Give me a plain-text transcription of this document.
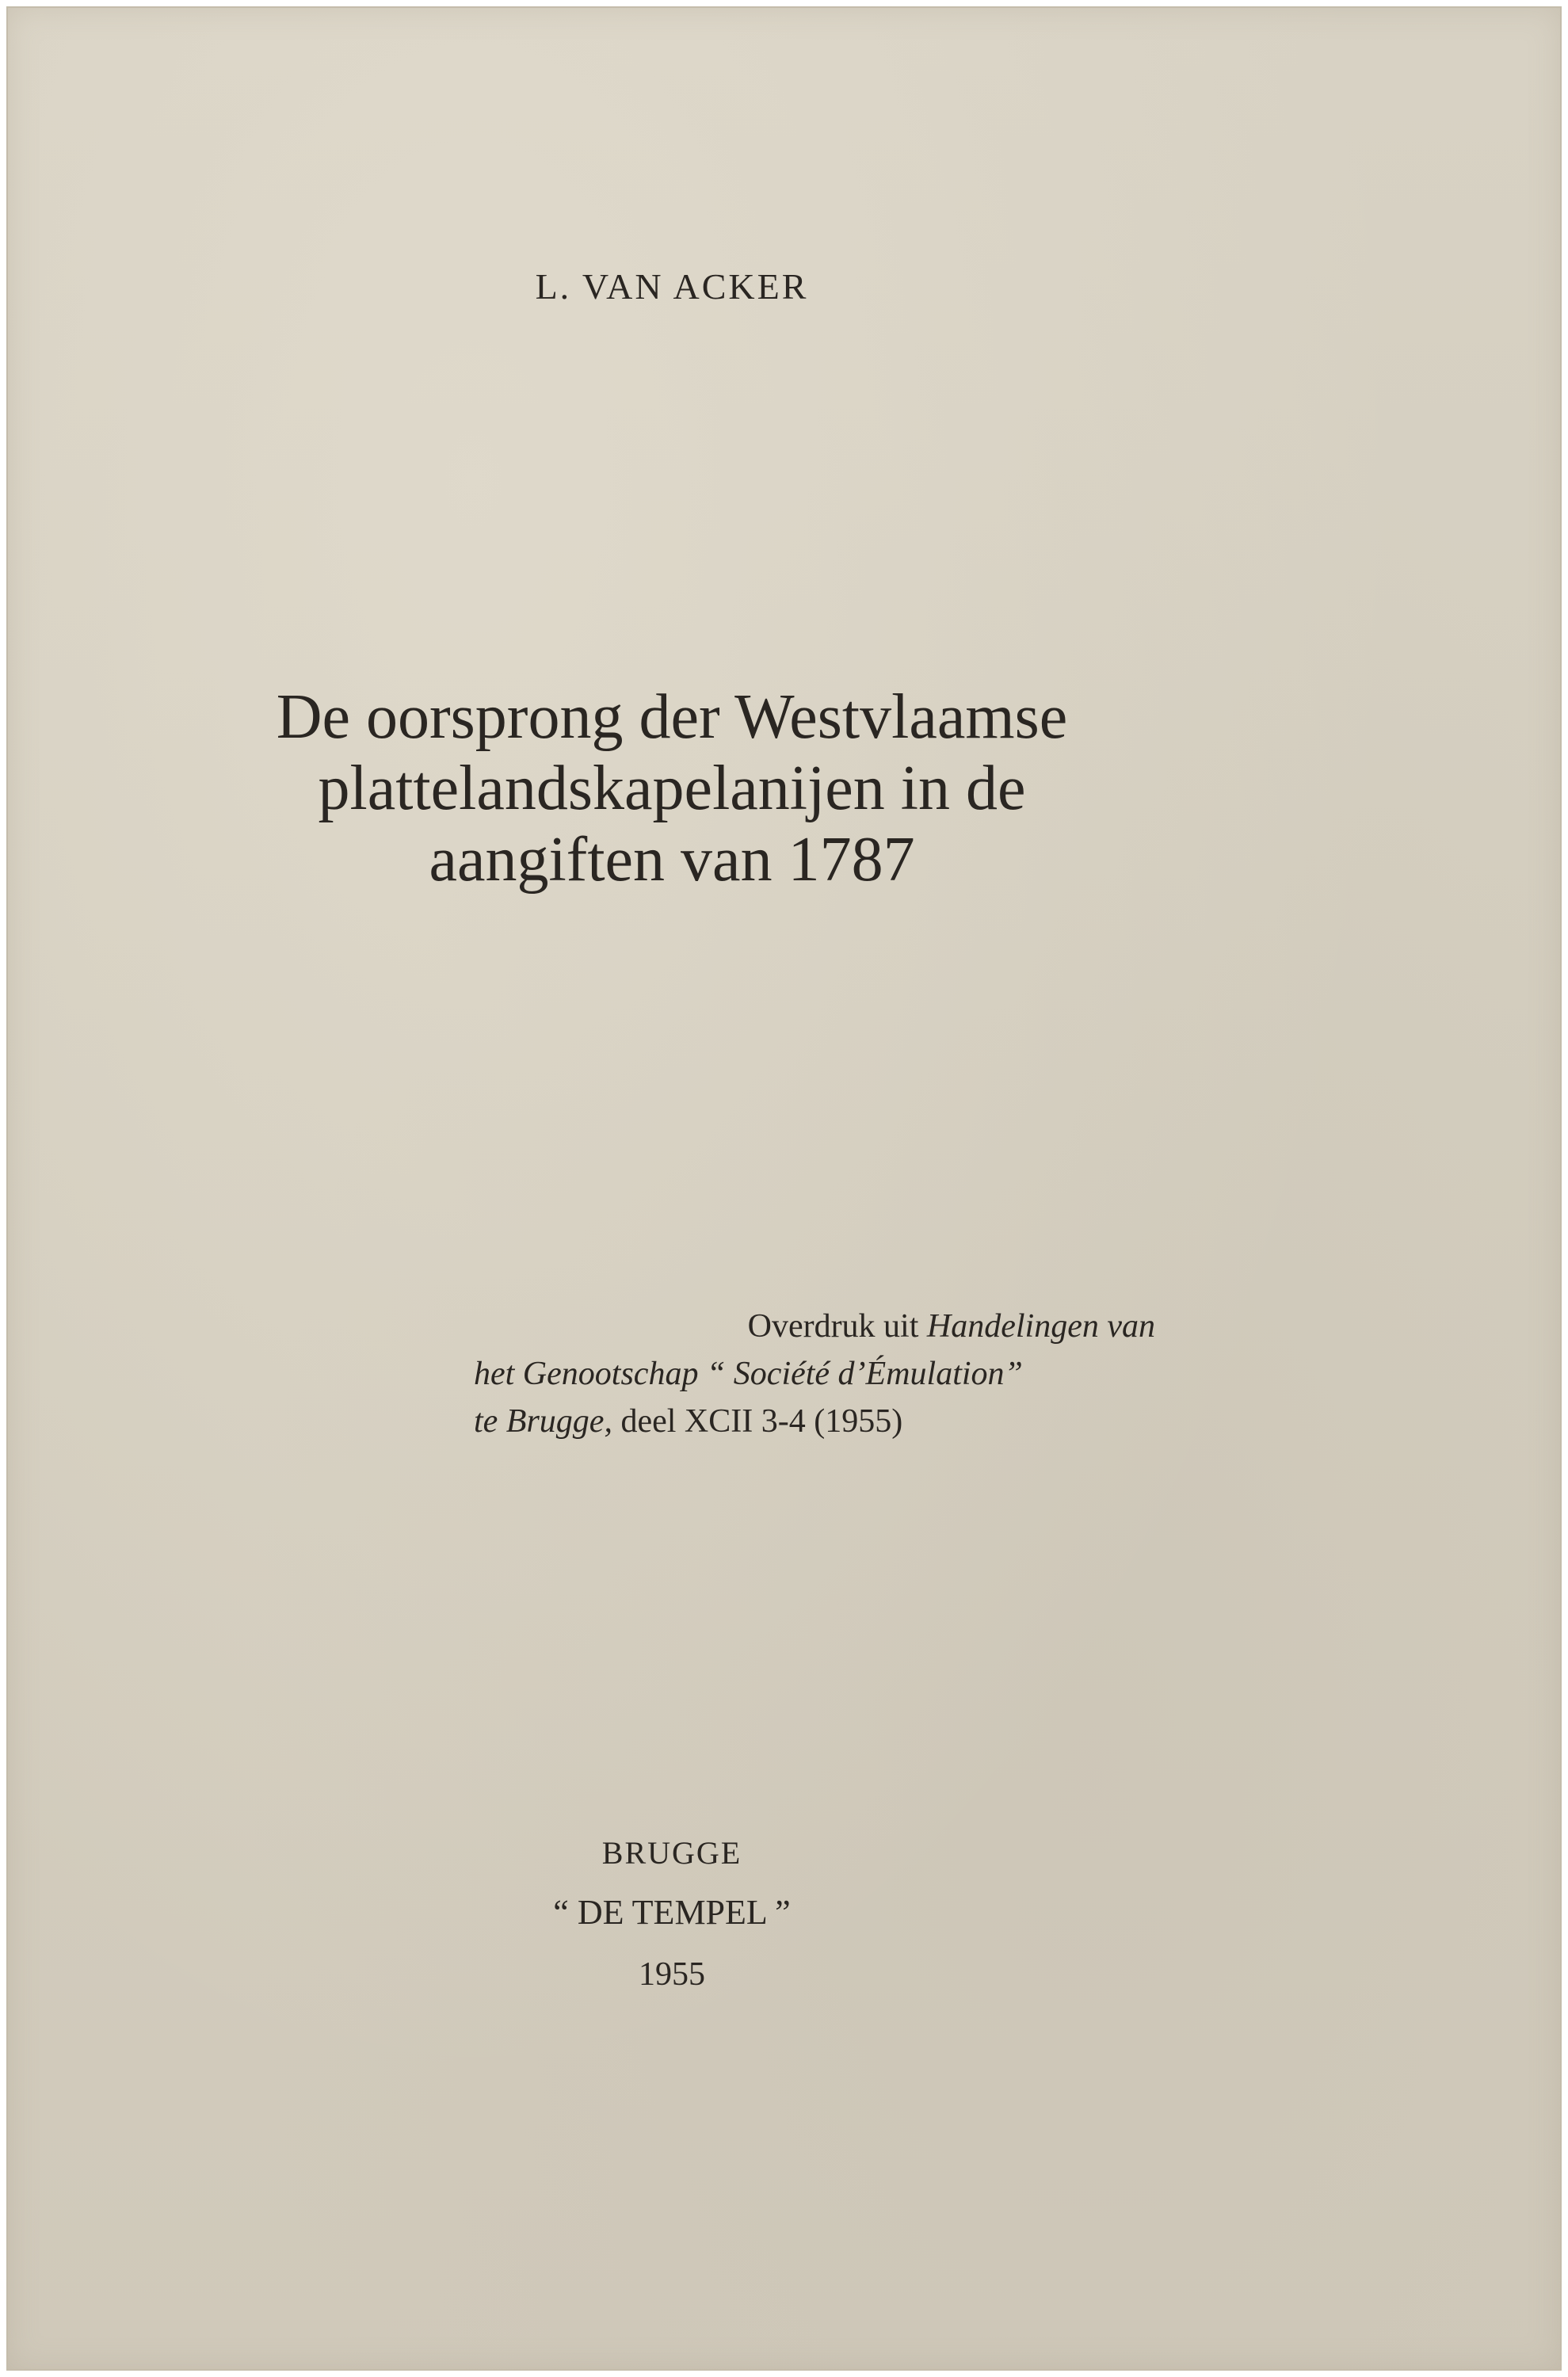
L. VAN ACKER
De oorsprong der Westvlaamse
plattelandskapelanijen in de
aangiften van 1787
Overdruk uit Handelingen van
het Genootschap “ Société d’Émulation”
te Brugge, deel XCII 3-4 (1955)
BRUGGE
“ DE TEMPEL ”
1955
